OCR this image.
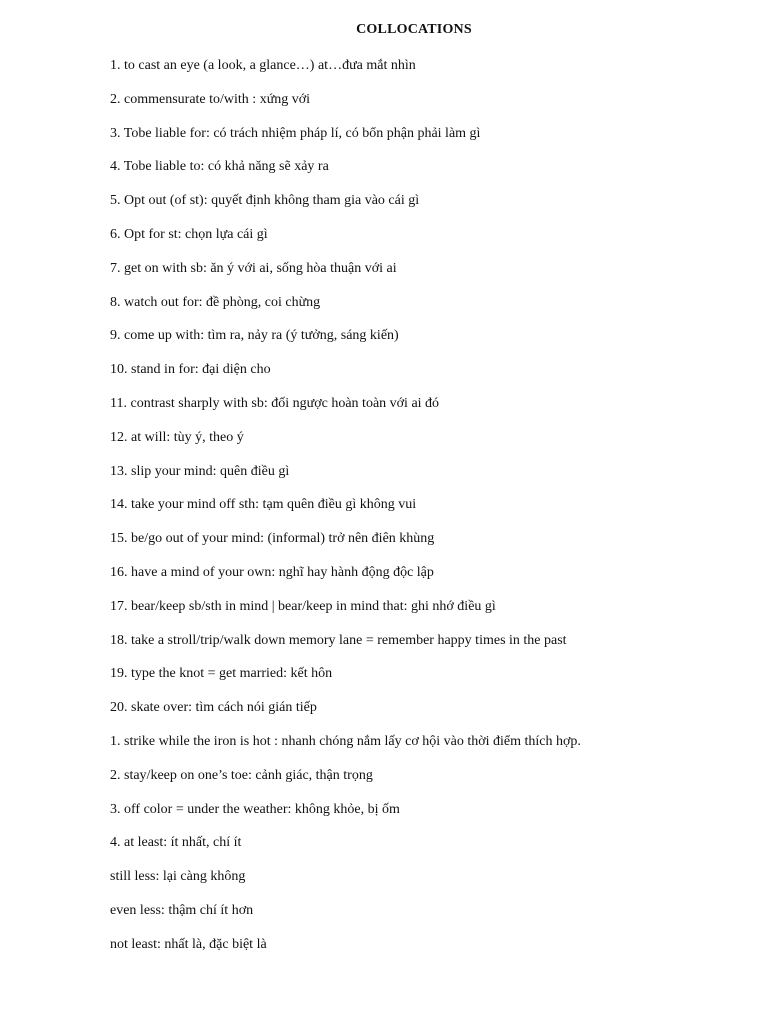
COLLOCATIONS
1. to cast an eye (a look, a glance…) at…đưa mắt nhìn
2. commensurate to/with : xứng với
3. Tobe liable for: có trách nhiệm pháp lí, có bổn phận phải làm gì
4. Tobe liable to: có khả năng sẽ xảy ra
5. Opt out (of st): quyết định không tham gia vào cái gì
6. Opt for st: chọn lựa cái gì
7. get on with sb: ăn ý với ai, sống hòa thuận với ai
8. watch out for: đề phòng, coi chừng
9. come up with: tìm ra, nảy ra (ý tưởng, sáng kiến)
10. stand in for: đại diện cho
11. contrast sharply with sb: đối ngược hoàn toàn với ai đó
12. at will: tùy ý, theo ý
13. slip your mind: quên điều gì
14. take your mind off sth: tạm quên điều gì không vui
15. be/go out of your mind: (informal) trở nên điên khùng
16. have a mind of your own: nghĩ hay hành động độc lập
17. bear/keep sb/sth in mind | bear/keep in mind that: ghi nhớ điều gì
18. take a stroll/trip/walk down memory lane = remember happy times in the past
19. type the knot = get married: kết hôn
20. skate over: tìm cách nói gián tiếp
1. strike while the iron is hot : nhanh chóng nắm lấy cơ hội vào thời điểm thích hợp.
2. stay/keep on one’s toe: cảnh giác, thận trọng
3. off color = under the weather: không khỏe, bị ốm
4. at least: ít nhất, chí ít
still less: lại càng không
even less: thậm chí ít hơn
not least: nhất là, đặc biệt là
